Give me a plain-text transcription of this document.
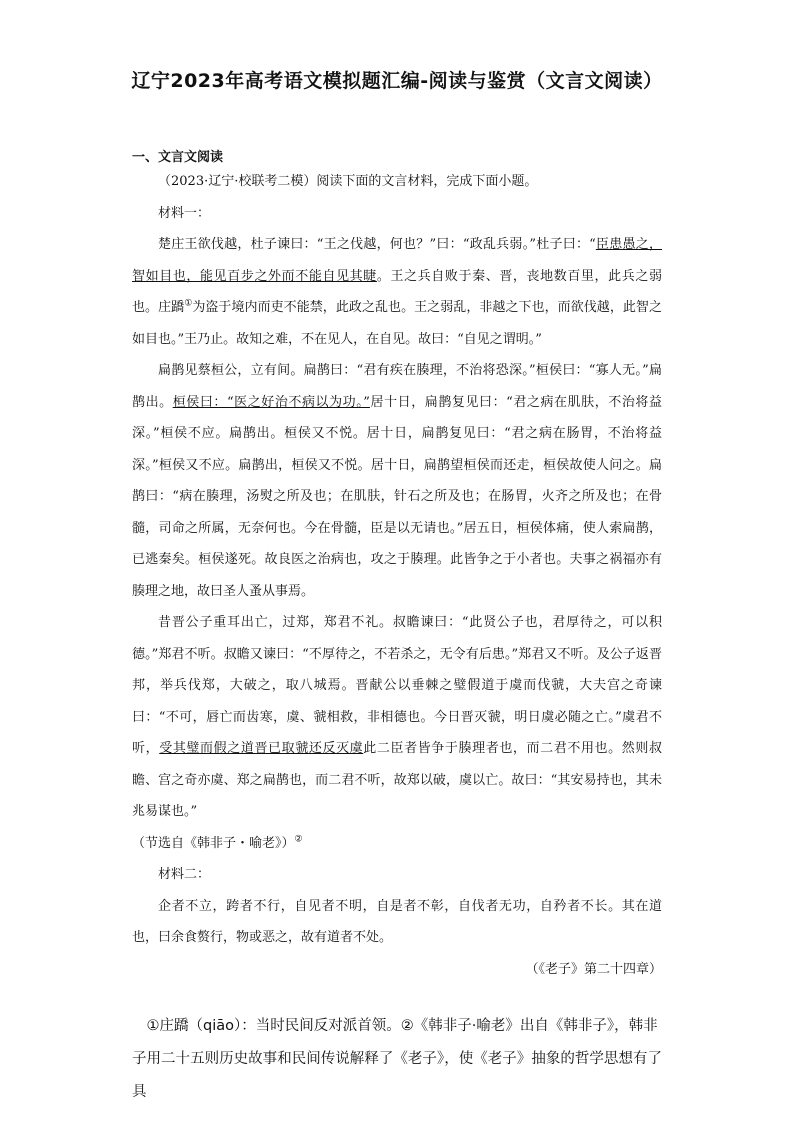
辽宁2023年高考语文模拟题汇编-阅读与鉴赏（文言文阅读）
一、文言文阅读

（2023·辽宁·校联考二模）阅读下面的文言材料，完成下面小题。

材料一：

楚庄王欲伐越，杜子谏曰：“王之伐越，何也？”曰：“政乱兵弱。”杜子曰：“臣患愚之，智如目也，能见百步之外而不能自见其睫。王之兵自败于秦、晋，丧地数百里，此兵之弱也。庄蹻①为盗于境内而吏不能禁，此政之乱也。王之弱乱，非越之下也，而欲伐越，此智之如目也。”王乃止。故知之难，不在见人，在自见。故曰：“自见之谓明。”

扁鹊见蔡桓公，立有间。扁鹊曰：“君有疾在腠理，不治将恐深。”桓侯曰：“寡人无。”扁鹊出。桓侯曰：“医之好治不病以为功。”居十日，扁鹊复见曰：“君之病在肌肤，不治将益深。”桓侯不应。扁鹊出。桓侯又不悦。居十日，扁鹊复见曰：“君之病在肠胃，不治将益深。”桓侯又不应。扁鹊出，桓侯又不悦。居十日，扁鹊望桓侯而还走，桓侯故使人问之。扁鹊曰：“病在腠理，汤熨之所及也；在肌肤，针石之所及也；在肠胃，火齐之所及也；在骨髓，司命之所属，无奈何也。今在骨髓，臣是以无请也。”居五日，桓侯体痛，使人索扁鹊，已逃秦矣。桓侯遂死。故良医之治病也，攻之于腠理。此皆争之于小者也。夫事之祸福亦有腠理之地，故曰圣人蚤从事焉。

昔晋公子重耳出亡，过郑，郑君不礼。叔瞻谏曰：“此贤公子也，君厚待之，可以积德。”郑君不听。叔瞻又谏曰：“不厚待之，不若杀之，无令有后患。”郑君又不听。及公子返晋邦，举兵伐郑，大破之，取八城焉。晋献公以垂棘之璧假道于虞而伐虢，大夫宫之奇谏曰：“不可，唇亡而齿寒，虞、虢相救，非相德也。今日晋灭虢，明日虞必随之亡。”虞君不听，受其璧而假之道晋已取虢还反灭虞此二臣者皆争于腠理者也，而二君不用也。然则叔瞻、宫之奇亦虞、郑之扁鹊也，而二君不听，故郑以破，虞以亡。故曰：“其安易持也，其未兆易谋也。”

（节选自《韩非子・喻老》）②

材料二：

企者不立，跨者不行，自见者不明，自是者不彰，自伐者无功，自矜者不长。其在道也，曰余食赘行，物或恶之，故有道者不处。

（《老子》第二十四章）

①庄蹻（qiāo）：当时民间反对派首领。②《韩非子·喻老》出自《韩非子》，韩非

子用二十五则历史故事和民间传说解释了《老子》，使《老子》抽象的哲学思想有了具
